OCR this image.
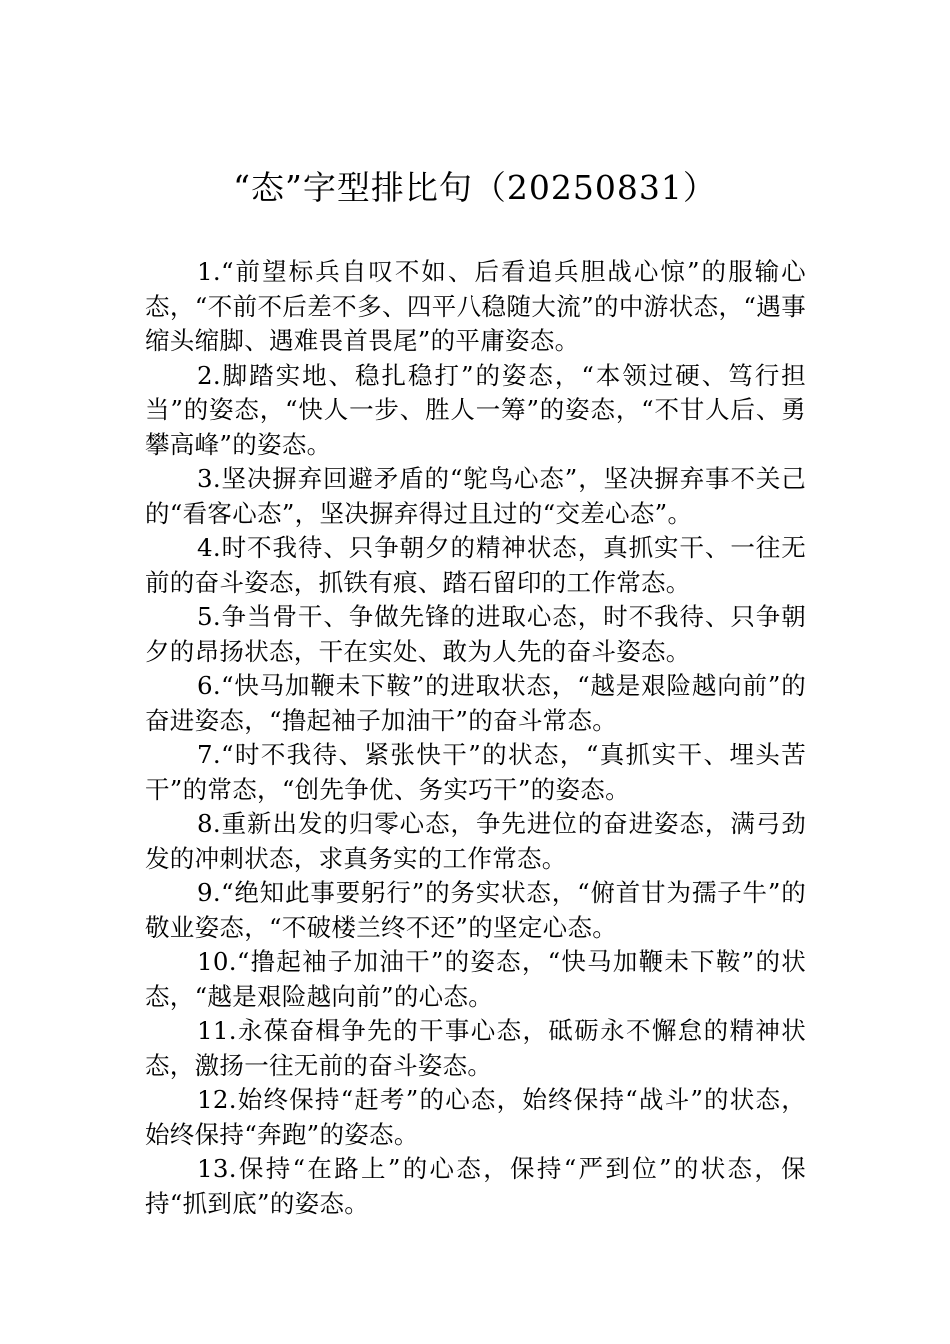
“态”字型排比句（20250831）

1.“前望标兵自叹不如、后看追兵胆战心惊”的服输心态，“不前不后差不多、四平八稳随大流”的中游状态，“遇事缩头缩脚、遇难畏首畏尾”的平庸姿态。

2.脚踏实地、稳扎稳打”的姿态，“本领过硬、笃行担当”的姿态，“快人一步、胜人一筹”的姿态，“不甘人后、勇攀高峰”的姿态。

3.坚决摒弃回避矛盾的“鸵鸟心态”，坚决摒弃事不关己的“看客心态”，坚决摒弃得过且过的“交差心态”。

4.时不我待、只争朝夕的精神状态，真抓实干、一往无前的奋斗姿态，抓铁有痕、踏石留印的工作常态。

5.争当骨干、争做先锋的进取心态，时不我待、只争朝夕的昂扬状态，干在实处、敢为人先的奋斗姿态。

6.“快马加鞭未下鞍”的进取状态，“越是艰险越向前”的奋进姿态，“撸起袖子加油干”的奋斗常态。

7.“时不我待、紧张快干”的状态，“真抓实干、埋头苦干”的常态，“创先争优、务实巧干”的姿态。

8.重新出发的归零心态，争先进位的奋进姿态，满弓劲发的冲刺状态，求真务实的工作常态。

9.“绝知此事要躬行”的务实状态，“俯首甘为孺子牛”的敬业姿态，“不破楼兰终不还”的坚定心态。

10.“撸起袖子加油干”的姿态，“快马加鞭未下鞍”的状态，“越是艰险越向前”的心态。

11.永葆奋楫争先的干事心态，砥砺永不懈怠的精神状态，激扬一往无前的奋斗姿态。

12.始终保持“赶考”的心态，始终保持“战斗”的状态，始终保持“奔跑”的姿态。

13.保持“在路上”的心态，保持“严到位”的状态，保持“抓到底”的姿态。
